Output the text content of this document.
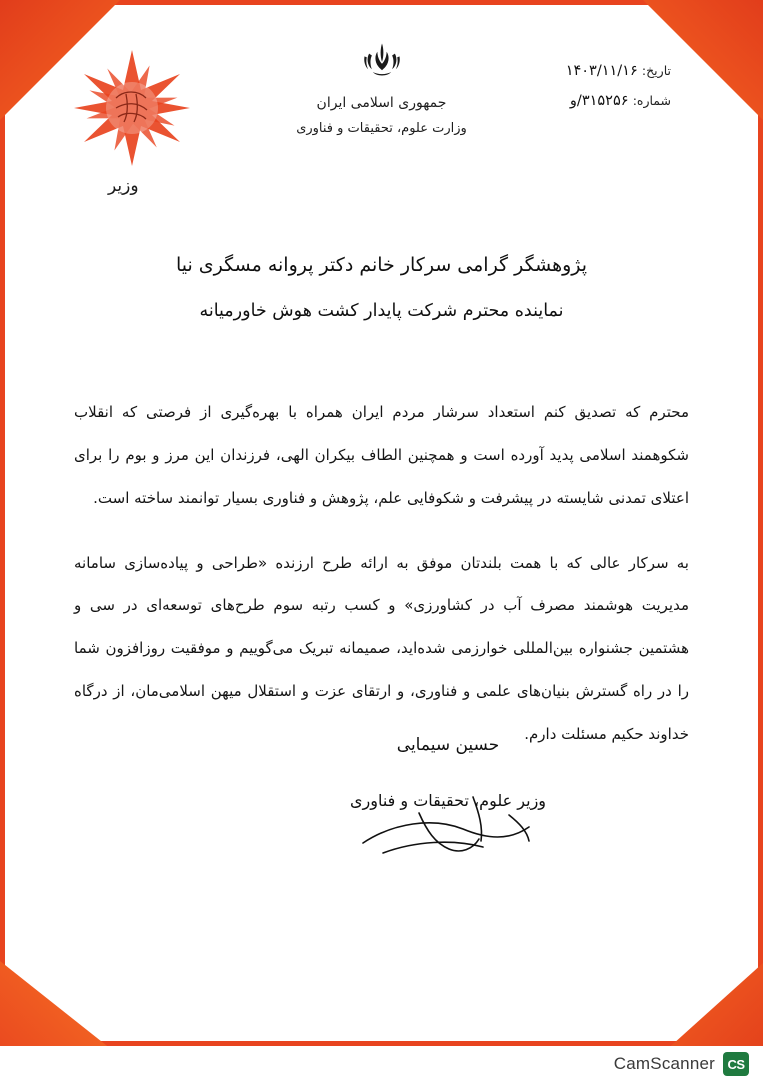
تاریخ: ۱۴۰۳/۱۱/۱۶
شماره: ۳۱۵۲۵۶/و
جمهوری اسلامی ایران
وزارت علوم، تحقیقات و فناوری
وزیر
پژوهشگر گرامی سرکار خانم دکتر پروانه مسگری نیا
نماینده محترم شرکت پایدار کشت هوش خاورمیانه

محترم که تصدیق کنم استعداد سرشار مردم ایران همراه با بهره‌گیری از فرصتی که انقلاب شکوهمند اسلامی پدید آورده است و همچنین الطاف بیکران الهی، فرزندان این مرز و بوم را برای اعتلای تمدنی شایسته در پیشرفت و شکوفایی علم، پژوهش و فناوری بسیار توانمند ساخته است.

به سرکار عالی که با همت بلندتان موفق به ارائه طرح ارزنده «طراحی و پیاده‌سازی سامانه مدیریت هوشمند مصرف آب در کشاورزی» و کسب رتبه سوم طرح‌های توسعه‌ای در سی و هشتمین جشنواره بین‌المللی خوارزمی شده‌اید، صمیمانه تبریک می‌گوییم و موفقیت روزافزون شما را در راه گسترش بنیان‌های علمی و فناوری، و ارتقای عزت و استقلال میهن اسلامی‌مان، از درگاه خداوند حکیم مسئلت دارم.

حسین سیمایی
وزیر علوم، تحقیقات و فناوری
CS
CamScanner
